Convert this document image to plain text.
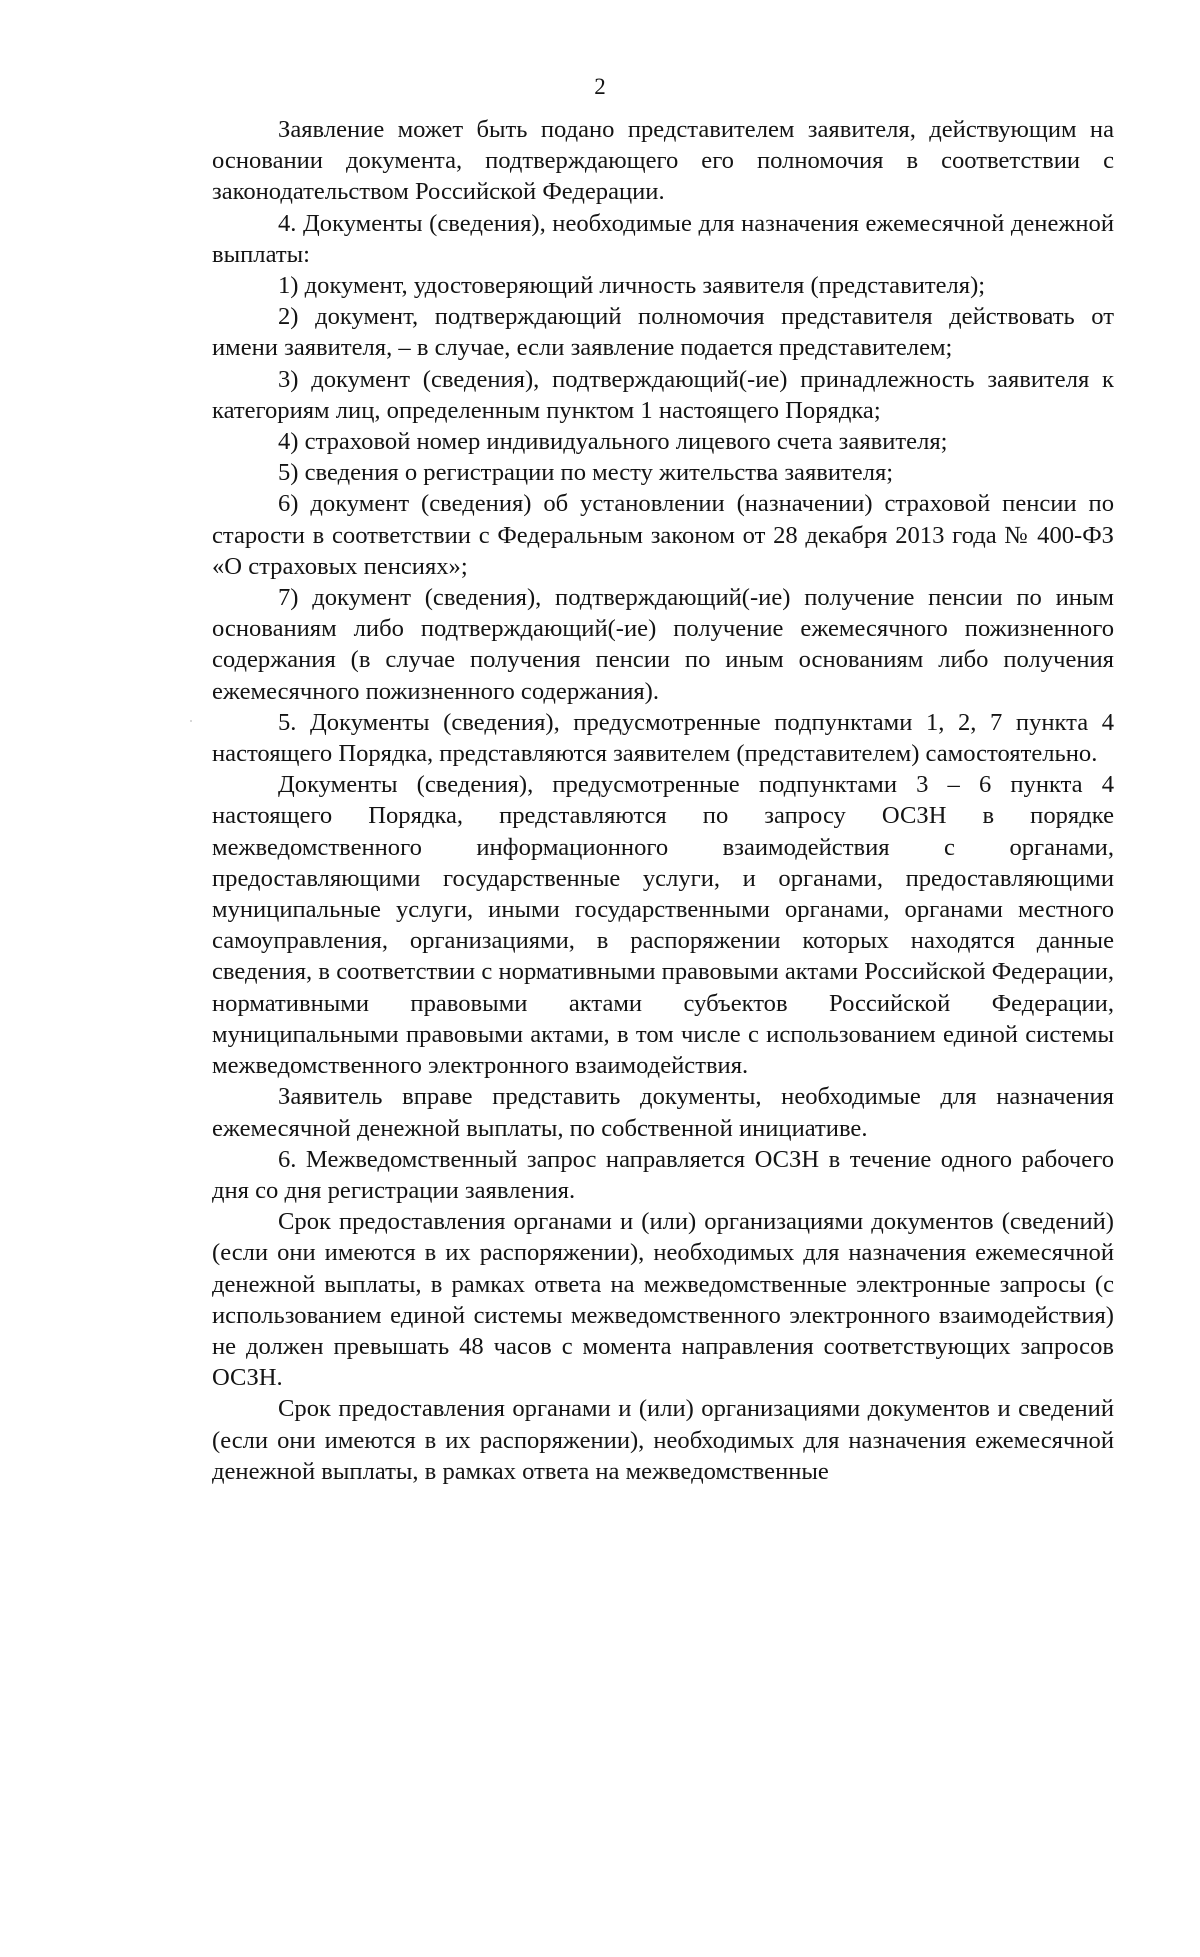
2

Заявление может быть подано представителем заявителя, действующим на основании документа, подтверждающего его полномочия в соответствии с законодательством Российской Федерации.

4. Документы (сведения), необходимые для назначения ежемесячной денежной выплаты:

1) документ, удостоверяющий личность заявителя (представителя);

2) документ, подтверждающий полномочия представителя действовать от имени заявителя, – в случае, если заявление подается представителем;

3) документ (сведения), подтверждающий(-ие) принадлежность заявителя к категориям лиц, определенным пунктом 1 настоящего Порядка;

4) страховой номер индивидуального лицевого счета заявителя;

5) сведения о регистрации по месту жительства заявителя;

6) документ (сведения) об установлении (назначении) страховой пенсии по старости в соответствии с Федеральным законом от 28 декабря 2013 года № 400-ФЗ «О страховых пенсиях»;

7) документ (сведения), подтверждающий(-ие) получение пенсии по иным основаниям либо подтверждающий(-ие) получение ежемесячного пожизненного содержания (в случае получения пенсии по иным основаниям либо получения ежемесячного пожизненного содержания).

5. Документы (сведения), предусмотренные подпунктами 1, 2, 7 пункта 4 настоящего Порядка, представляются заявителем (представителем) самостоятельно.

Документы (сведения), предусмотренные подпунктами 3 – 6 пункта 4 настоящего Порядка, представляются по запросу ОСЗН в порядке межведомственного информационного взаимодействия с органами, предоставляющими государственные услуги, и органами, предоставляющими муниципальные услуги, иными государственными органами, органами местного самоуправления, организациями, в распоряжении которых находятся данные сведения, в соответствии с нормативными правовыми актами Российской Федерации, нормативными правовыми актами субъектов Российской Федерации, муниципальными правовыми актами, в том числе с использованием единой системы межведомственного электронного взаимодействия.

Заявитель вправе представить документы, необходимые для назначения ежемесячной денежной выплаты, по собственной инициативе.

6. Межведомственный запрос направляется ОСЗН в течение одного рабочего дня со дня регистрации заявления.

Срок предоставления органами и (или) организациями документов (сведений) (если они имеются в их распоряжении), необходимых для назначения ежемесячной денежной выплаты, в рамках ответа на межведомственные электронные запросы (с использованием единой системы межведомственного электронного взаимодействия) не должен превышать 48 часов с момента направления соответствующих запросов ОСЗН.

Срок предоставления органами и (или) организациями документов и сведений (если они имеются в их распоряжении), необходимых для назначения ежемесячной денежной выплаты, в рамках ответа на межведомственные
